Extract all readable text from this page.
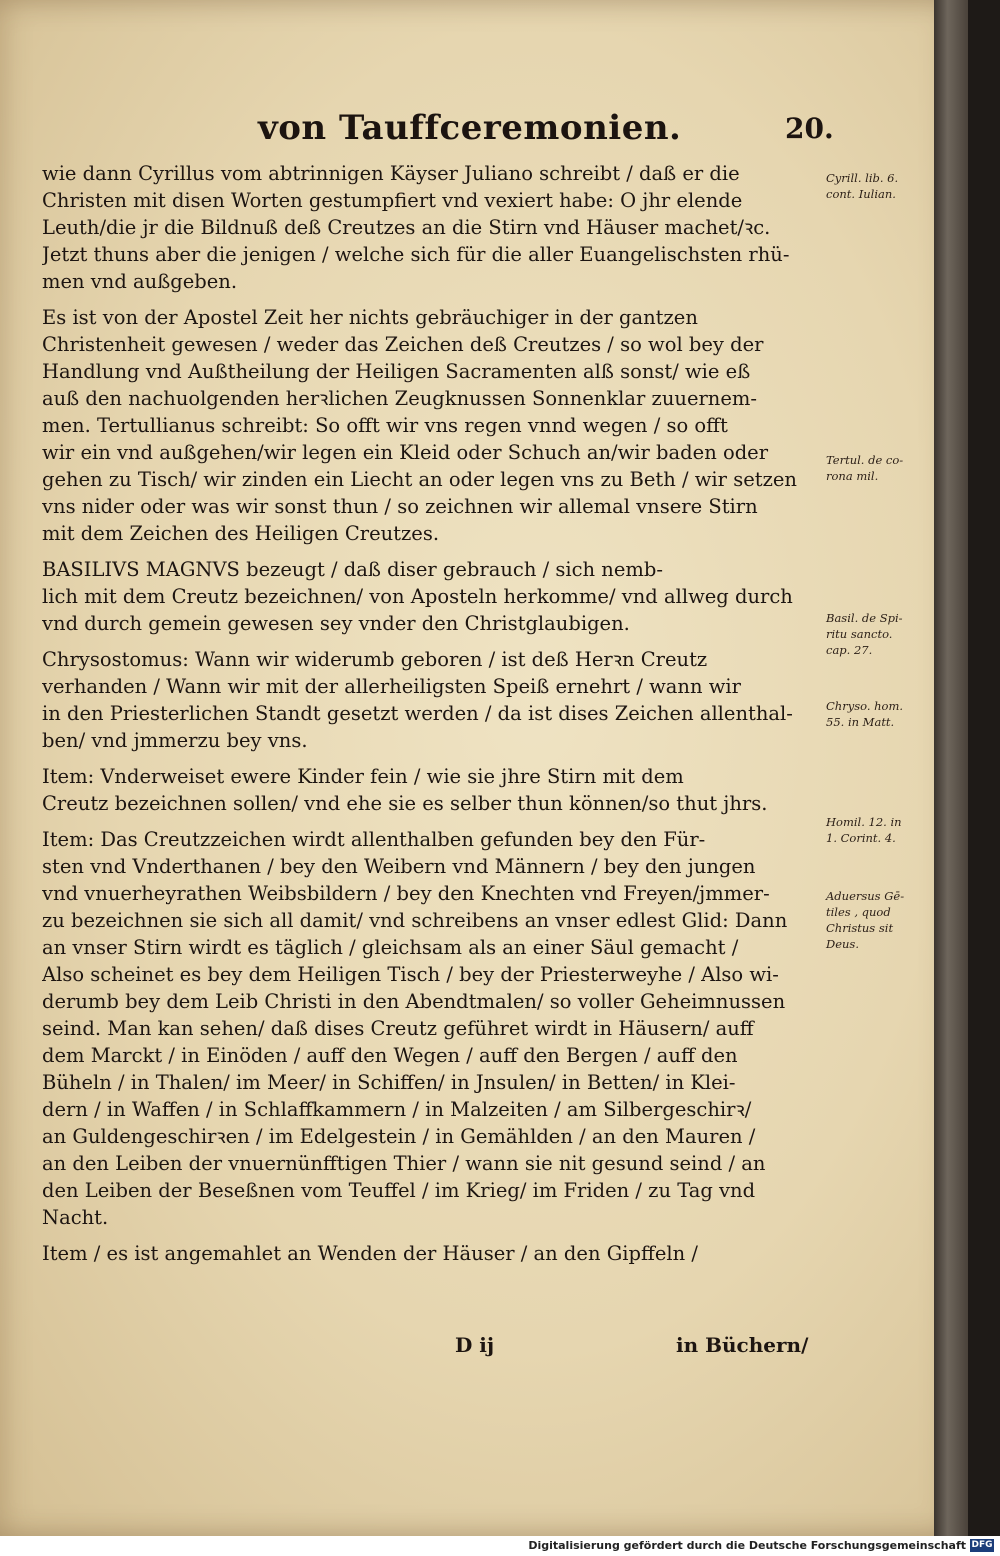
von Tauffceremonien.	20.
wie dann Cyrillus vom abtrinnigen Käyser Juliano schreibt / daß er die
Christen mit disen Worten gestumpfiert vnd vexiert habe: O jhr elende
Leuth/die jr die Bildnuß deß Creutzes an die Stirn vnd Häuser machet/ꝛc.
Jetzt thuns aber die jenigen / welche sich für die aller Euangelischsten rhü-
men vnd außgeben.
Es ist von der Apostel Zeit her nichts gebräuchiger in der gantzen
Christenheit gewesen / weder das Zeichen deß Creutzes / so wol bey der
Handlung vnd Außtheilung der Heiligen Sacramenten alß sonst/ wie eß
auß den nachuolgenden herꝛlichen Zeugknussen Sonnenklar zuuernem-
men. Tertullianus schreibt: So offt wir vns regen vnnd wegen / so offt
wir ein vnd außgehen/wir legen ein Kleid oder Schuch an/wir baden oder
gehen zu Tisch/ wir zinden ein Liecht an oder legen vns zu Beth / wir setzen
vns nider oder was wir sonst thun / so zeichnen wir allemal vnsere Stirn
mit dem Zeichen des Heiligen Creutzes.
BASILIVS MAGNVS bezeugt / daß diser gebrauch / sich nemb-
lich mit dem Creutz bezeichnen/ von Aposteln herkomme/ vnd allweg durch
vnd durch gemein gewesen sey vnder den Christglaubigen.
Chrysostomus: Wann wir widerumb geboren / ist deß Herꝛn Creutz
verhanden / Wann wir mit der allerheiligsten Speiß ernehrt / wann wir
in den Priesterlichen Standt gesetzt werden / da ist dises Zeichen allenthal-
ben/ vnd jmmerzu bey vns.
Item: Vnderweiset ewere Kinder fein / wie sie jhre Stirn mit dem
Creutz bezeichnen sollen/ vnd ehe sie es selber thun können/so thut jhrs.
Item: Das Creutzzeichen wirdt allenthalben gefunden bey den Für-
sten vnd Vnderthanen / bey den Weibern vnd Männern / bey den jungen
vnd vnuerheyrathen Weibsbildern / bey den Knechten vnd Freyen/jmmer-
zu bezeichnen sie sich all damit/ vnd schreibens an vnser edlest Glid: Dann
an vnser Stirn wirdt es täglich / gleichsam als an einer Säul gemacht /
Also scheinet es bey dem Heiligen Tisch / bey der Priesterweyhe / Also wi-
derumb bey dem Leib Christi in den Abendtmalen/ so voller Geheimnussen
seind. Man kan sehen/ daß dises Creutz geführet wirdt in Häusern/ auff
dem Marckt / in Einöden / auff den Wegen / auff den Bergen / auff den
Büheln / in Thalen/ im Meer/ in Schiffen/ in Jnsulen/ in Betten/ in Klei-
dern / in Waffen / in Schlaffkammern / in Malzeiten / am Silbergeschirꝛ/
an Guldengeschirꝛen / im Edelgestein / in Gemählden / an den Mauren /
an den Leiben der vnuernünfftigen Thier / wann sie nit gesund seind / an
den Leiben der Beseßnen vom Teuffel / im Krieg/ im Friden / zu Tag vnd
Nacht.
Item / es ist angemahlet an Wenden der Häuser / an den Gipffeln /
Cyrill. lib. 6.
cont. Iulian.
Tertul. de co-
rona mil.
Basil. de Spi-
ritu sancto.
cap. 27.
Chryso. hom.
55. in Matt.
Homil. 12. in
1. Corint. 4.
Aduersus Gē-
tiles , quod
Christus sit
Deus.
D ij	in Büchern/
Digitalisierung gefördert durch die Deutsche Forschungsgemeinschaft DFG
